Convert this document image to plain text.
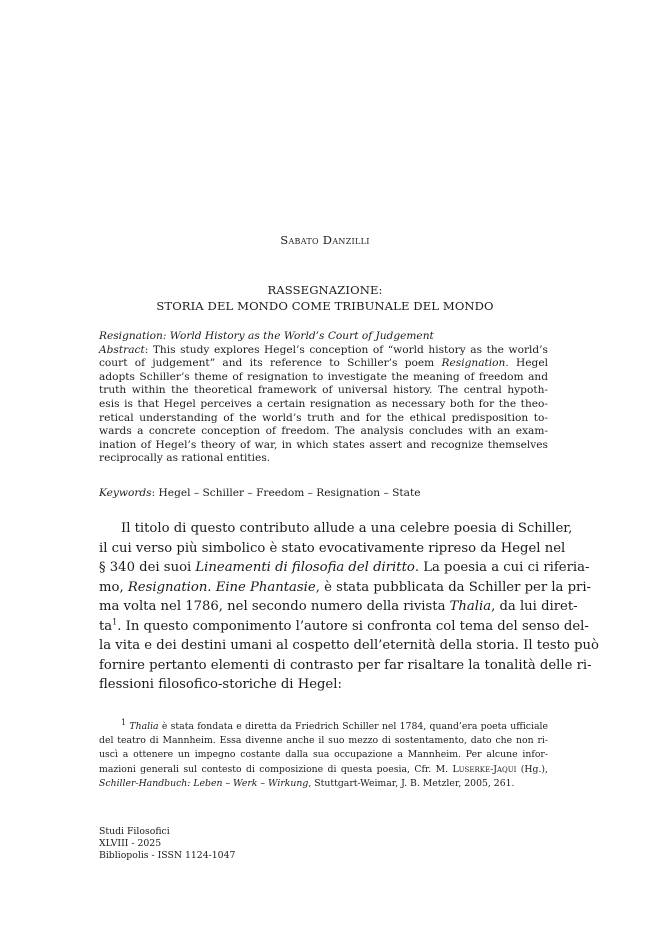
Sabato Danzilli
RASSEGNAZIONE:
STORIA DEL MONDO COME TRIBUNALE DEL MONDO
Resignation: World History as the World’s Court of Judgement
Abstract: This study explores Hegel’s conception of “world history as the world’s
court of judgement” and its reference to Schiller’s poem Resignation. Hegel
adopts Schiller’s theme of resignation to investigate the meaning of freedom and
truth within the theoretical framework of universal history. The central hypoth-
esis is that Hegel perceives a certain resignation as necessary both for the theo-
retical understanding of the world’s truth and for the ethical predisposition to-
wards a concrete conception of freedom. The analysis concludes with an exam-
ination of Hegel’s theory of war, in which states assert and recognize themselves
reciprocally as rational entities.
Keywords: Hegel – Schiller – Freedom – Resignation – State
Il titolo di questo contributo allude a una celebre poesia di Schiller,
il cui verso più simbolico è stato evocativamente ripreso da Hegel nel
§ 340 dei suoi Lineamenti di filosofia del diritto. La poesia a cui ci riferia-
mo, Resignation. Eine Phantasie, è stata pubblicata da Schiller per la pri-
ma volta nel 1786, nel secondo numero della rivista Thalia, da lui diret-
$ta^1$. In questo componimento l’autore si confronta col tema del senso del-
la vita e dei destini umani al cospetto dell’eternità della storia. Il testo può
fornire pertanto elementi di contrasto per far risaltare la tonalità delle ri-
flessioni filosofico-storiche di Hegel:
$^1$ Thalia è stata fondata e diretta da Friedrich Schiller nel 1784, quand’era poeta ufficiale
del teatro di Mannheim. Essa divenne anche il suo mezzo di sostentamento, dato che non ri-
uscì a ottenere un impegno costante dalla sua occupazione a Mannheim. Per alcune infor-
mazioni generali sul contesto di composizione di questa poesia, Cfr. M. Luserke-Jaqui (Hg.),
Schiller-Handbuch: Leben – Werk – Wirkung, Stuttgart-Weimar, J. B. Metzler, 2005, 261.
Studi Filosofici
XLVIII - 2025
Bibliopolis - ISSN 1124-1047
